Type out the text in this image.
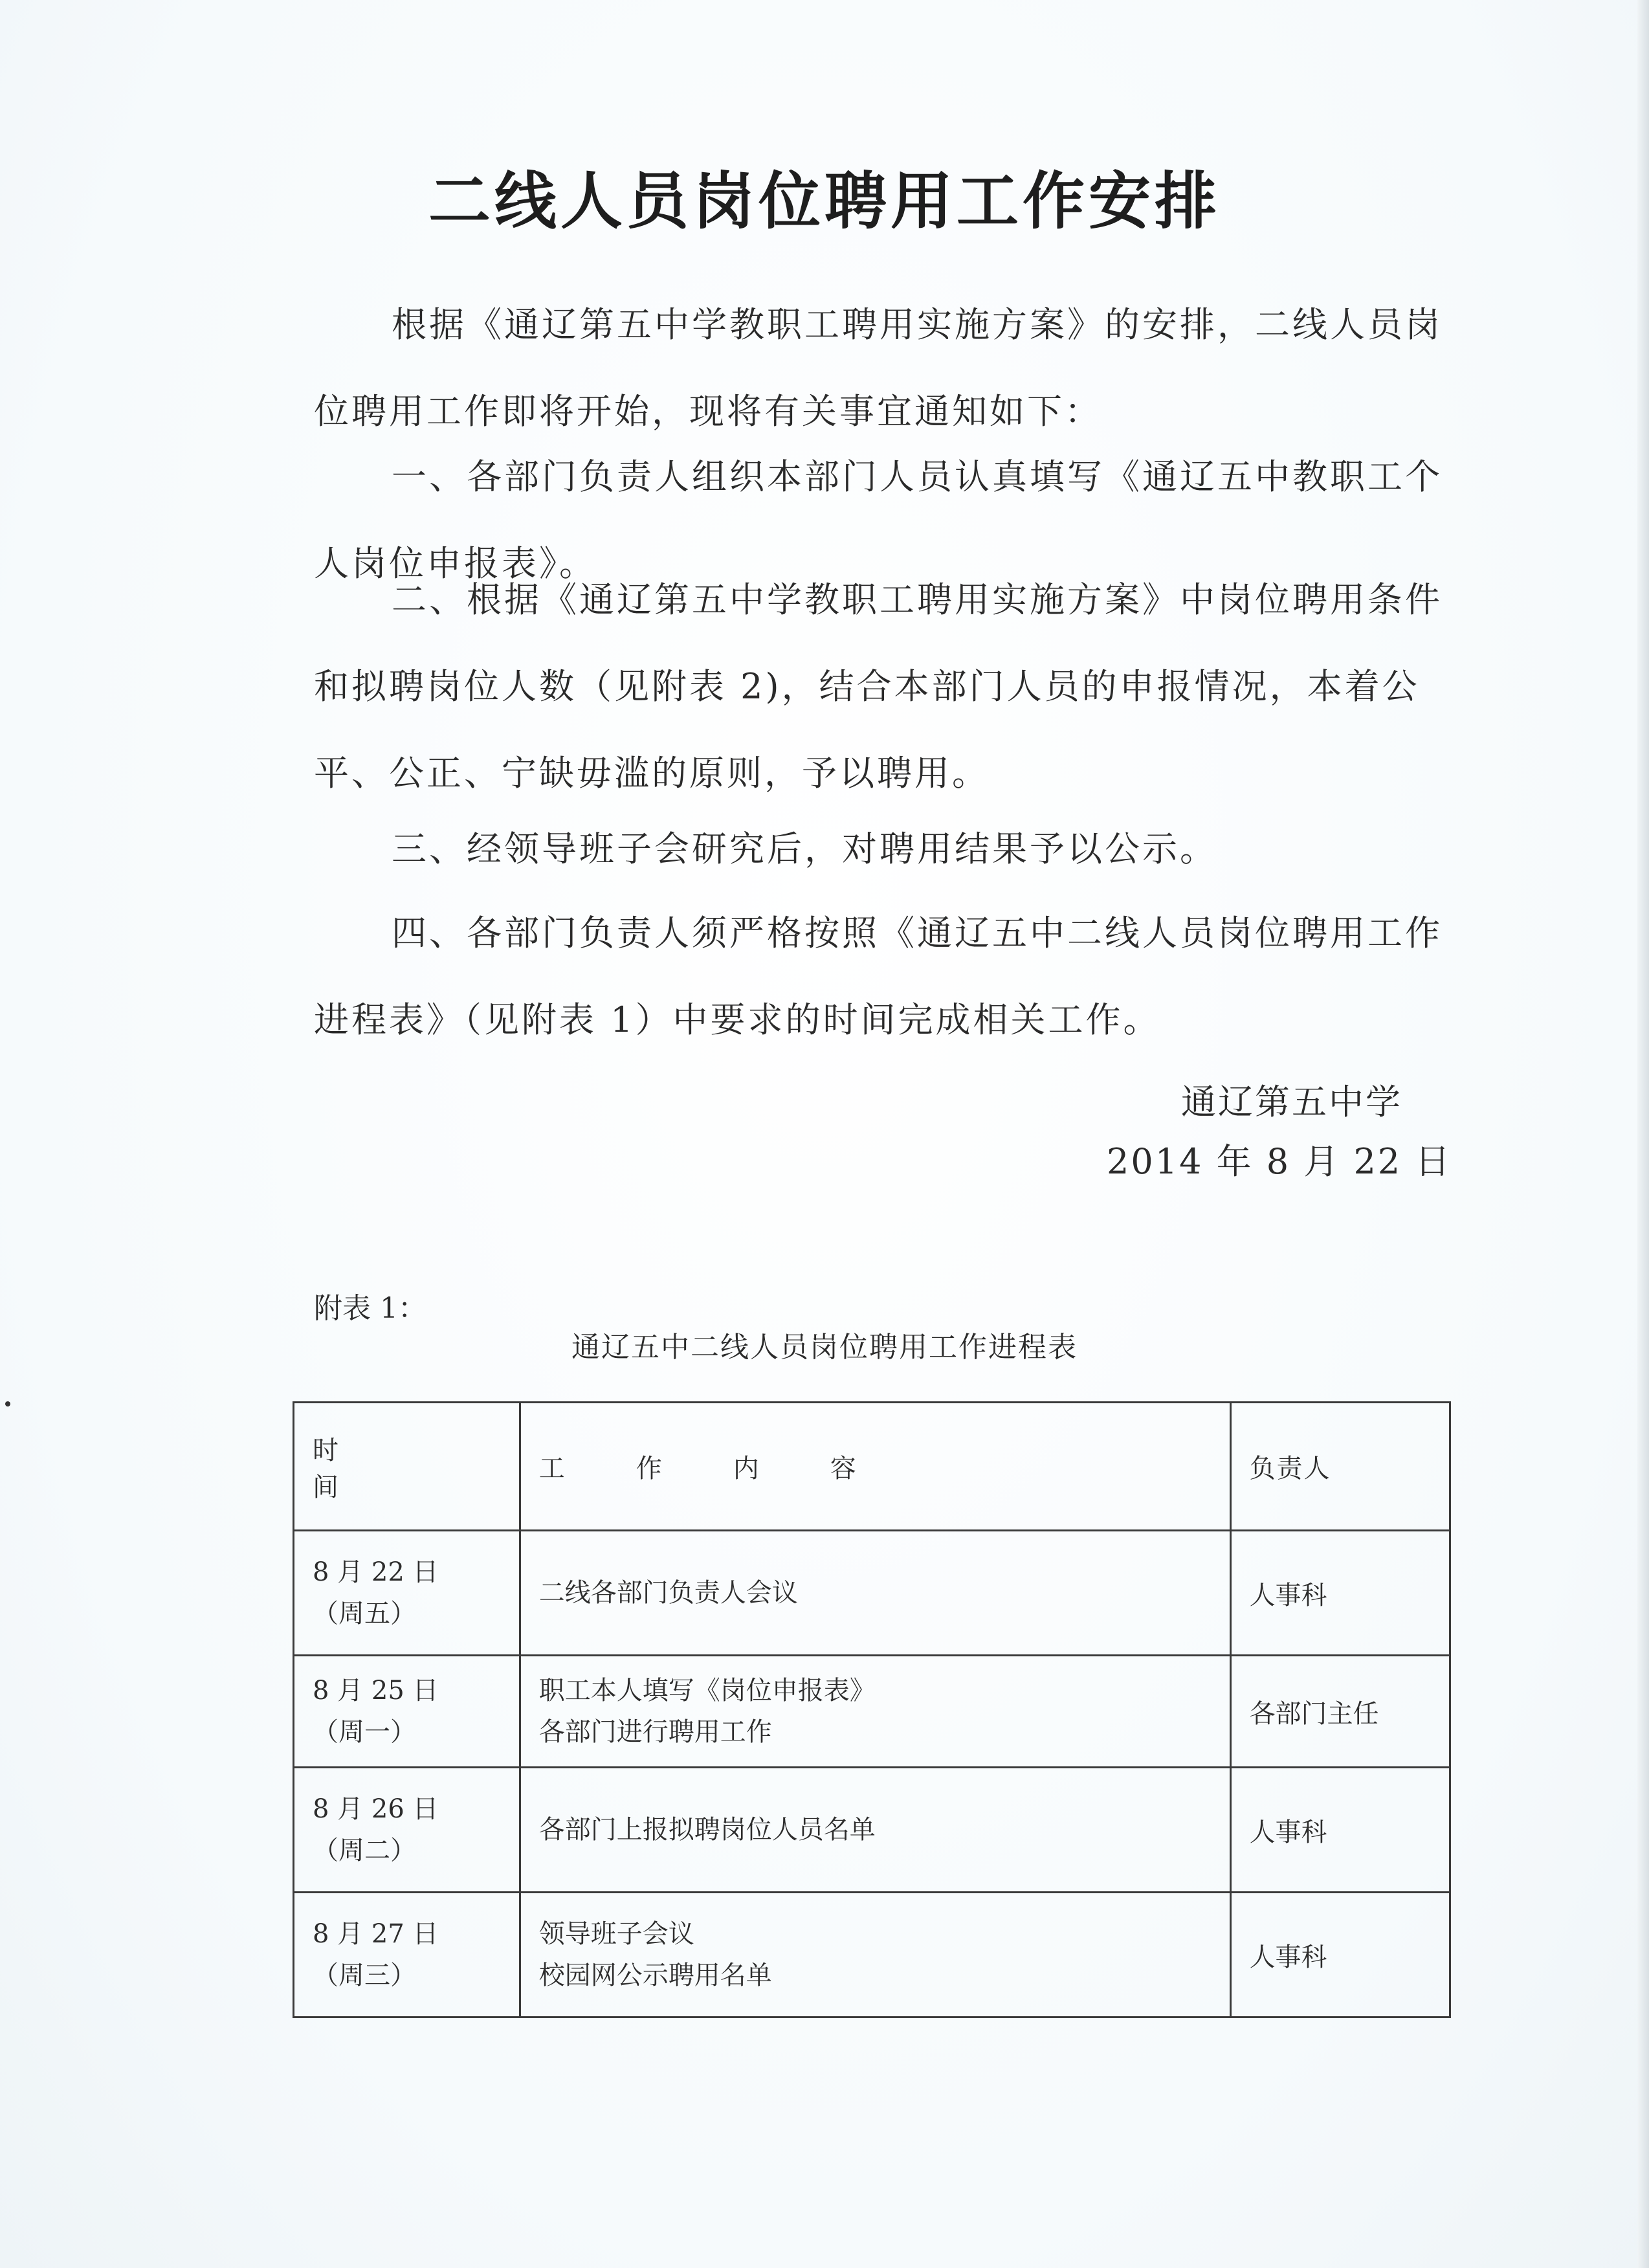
二线人员岗位聘用工作安排
根据《通辽第五中学教职工聘用实施方案》的安排，二线人员岗
位聘用工作即将开始，现将有关事宜通知如下：
一、各部门负责人组织本部门人员认真填写《通辽五中教职工个
人岗位申报表》。
二、根据《通辽第五中学教职工聘用实施方案》中岗位聘用条件
和拟聘岗位人数（见附表 2)，结合本部门人员的申报情况，本着公
平、公正、宁缺毋滥的原则，予以聘用。
三、经领导班子会研究后，对聘用结果予以公示。
四、各部门负责人须严格按照《通辽五中二线人员岗位聘用工作
进程表》（见附表 1）中要求的时间完成相关工作。
通辽第五中学
2014 年 8 月 22 日
附表 1：
通辽五中二线人员岗位聘用工作进程表
时间	工 作 内 容	负责人

8 月 22 日
（周五）	二线各部门负责人会议	人事科

8 月 25 日
（周一）	职工本人填写《岗位申报表》
各部门进行聘用工作	各部门主任

8 月 26 日
（周二）	各部门上报拟聘岗位人员名单	人事科

8 月 27 日
（周三）	领导班子会议
校园网公示聘用名单	人事科
